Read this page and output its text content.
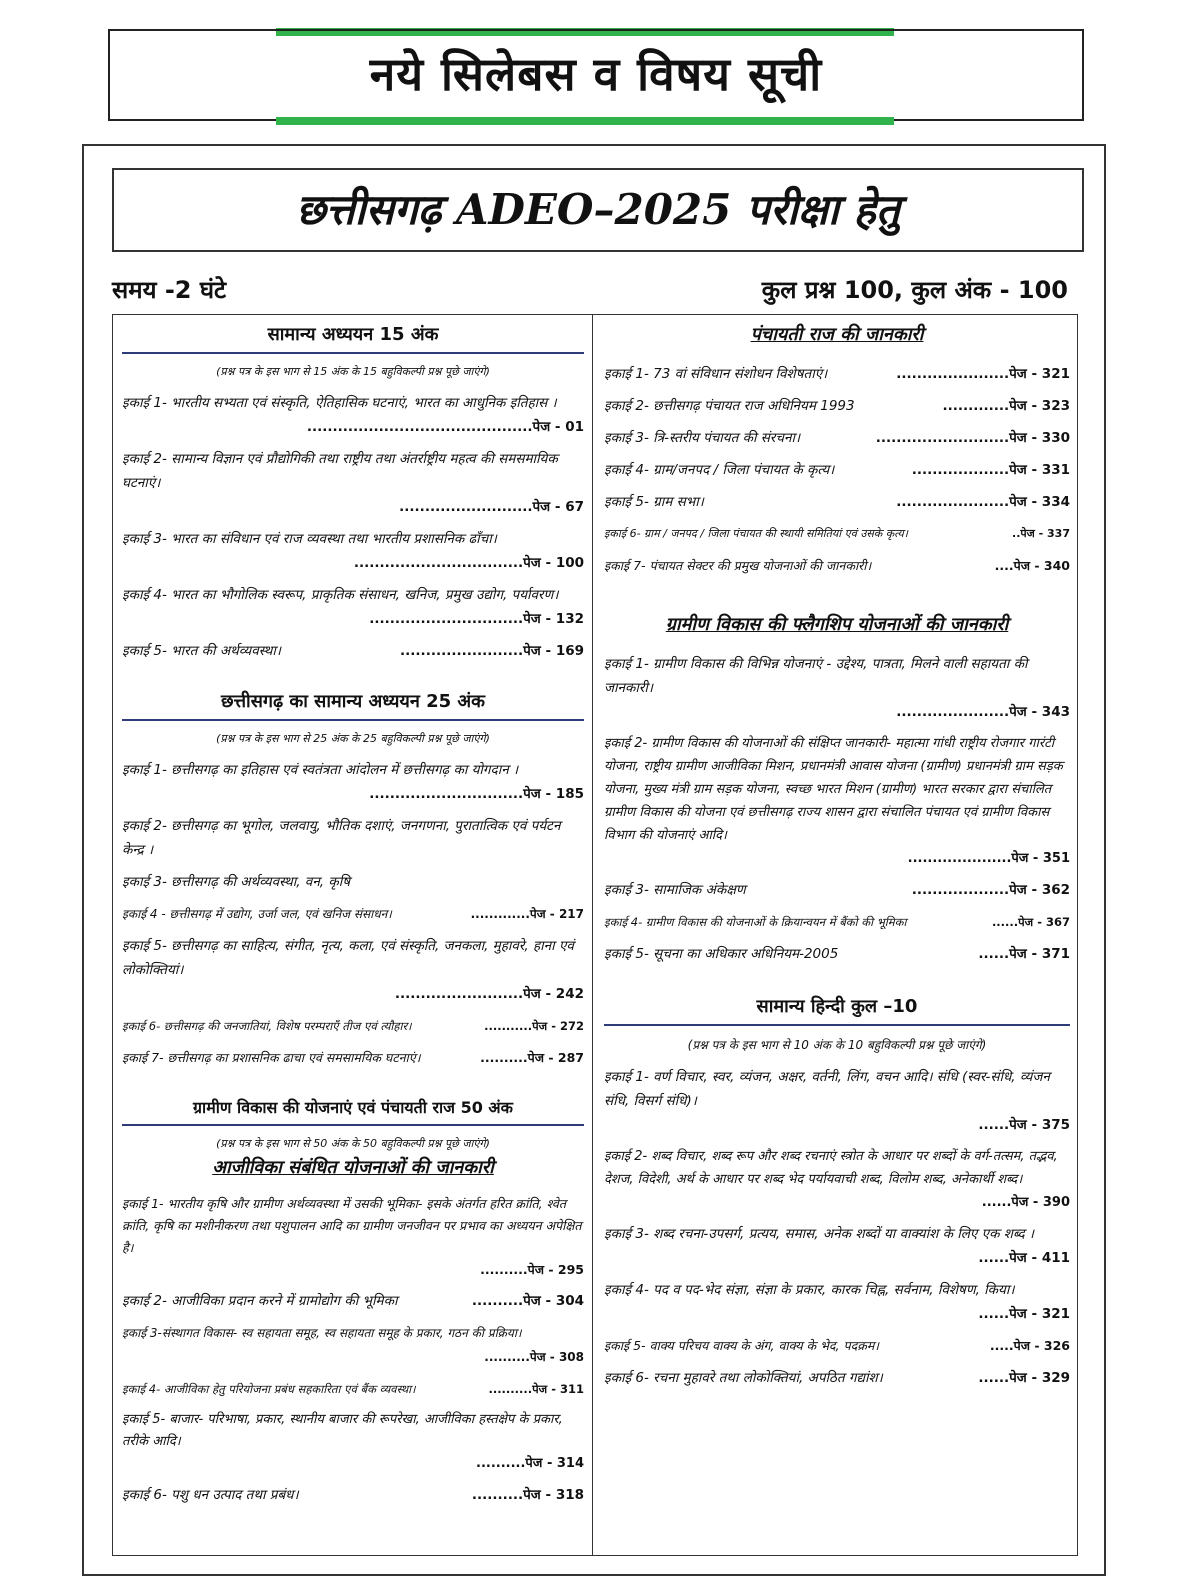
नये सिलेबस व विषय सूची
छत्तीसगढ़ ADEO–2025 परीक्षा हेतु
समय -2 घंटे	कुल प्रश्न 100, कुल अंक - 100
सामान्य अध्ययन 15 अंक
(प्रश्न पत्र के इस भाग से 15 अंक के 15 बहुविकल्पी प्रश्न पूछे जाएंगे)
इकाई 1- भारतीय सभ्यता एवं संस्कृति, ऐतिहासिक घटनाएं, भारत का आधुनिक इतिहास ।
............................................पेज - 01
इकाई 2- सामान्य विज्ञान एवं प्रौद्योगिकी तथा राष्ट्रीय तथा अंतर्राष्ट्रीय महत्व की समसमायिक घटनाएं।
..........................पेज - 67
इकाई 3- भारत का संविधान एवं राज व्यवस्था तथा भारतीय प्रशासनिक ढाँचा।
.................................पेज - 100
इकाई 4- भारत का भौगोलिक स्वरूप, प्राकृतिक संसाधन, खनिज, प्रमुख उद्योग, पर्यावरण।
..............................पेज - 132
इकाई 5- भारत की अर्थव्यवस्था।	........................पेज - 169
छत्तीसगढ़ का सामान्य अध्ययन 25 अंक
(प्रश्न पत्र के इस भाग से 25 अंक के 25 बहुविकल्पी प्रश्न पूछे जाएंगे)
इकाई 1- छत्तीसगढ़ का इतिहास एवं स्वतंत्रता आंदोलन में छत्तीसगढ़ का योगदान ।
..............................पेज - 185
इकाई 2- छत्तीसगढ़ का भूगोल, जलवायु, भौतिक दशाएं, जनगणना, पुरातात्विक एवं पर्यटन केन्द्र ।
इकाई 3- छत्तीसगढ़ की अर्थव्यवस्था, वन, कृषि
इकाई 4 - छत्तीसगढ़ में उद्योग, उर्जा जल, एवं खनिज संसाधन।	.............पेज - 217
इकाई 5- छत्तीसगढ़ का साहित्य, संगीत, नृत्य, कला, एवं संस्कृति, जनकला, मुहावरे, हाना एवं लोकोक्तियां।
.........................पेज - 242
इकाई 6- छत्तीसगढ़ की जनजातियां, विशेष परम्पराएँ तीज एवं त्यौहार।	...........पेज - 272
इकाई 7- छत्तीसगढ़ का प्रशासनिक ढाचा एवं समसामयिक घटनाएं।	..........पेज - 287
ग्रामीण विकास की योजनाएं एवं पंचायती राज 50 अंक
(प्रश्न पत्र के इस भाग से 50 अंक के 50 बहुविकल्पी प्रश्न पूछे जाएंगे)
आजीविका संबंधित योजनाओं की जानकारी
इकाई 1- भारतीय कृषि और ग्रामीण अर्थव्यवस्था में उसकी भूमिका- इसके अंतर्गत हरित क्रांति, श्वेत क्रांति, कृषि का मशीनीकरण तथा पशुपालन आदि का ग्रामीण जनजीवन पर प्रभाव का अध्ययन अपेक्षित है।
..........पेज - 295
इकाई 2- आजीविका प्रदान करने में ग्रामोद्योग की भूमिका	..........पेज - 304
इकाई 3-संस्थागत विकास- स्व सहायता समूह, स्व सहायता समूह के प्रकार, गठन की प्रक्रिया।
..........पेज - 308
इकाई 4- आजीविका हेतु परियोजना प्रबंध सहकारिता एवं बैंक व्यवस्था।	..........पेज - 311
इकाई 5- बाजार- परिभाषा, प्रकार, स्थानीय बाजार की रूपरेखा, आजीविका हस्तक्षेप के प्रकार, तरीके आदि।
..........पेज - 314
इकाई 6- पशु धन उत्पाद तथा प्रबंध।	..........पेज - 318
पंचायती राज की जानकारी
इकाई 1- 73 वां संविधान संशोधन विशेषताएं।	......................पेज - 321
इकाई 2- छत्तीसगढ़ पंचायत राज अधिनियम 1993	.............पेज - 323
इकाई 3- त्रि-स्तरीय पंचायत की संरचना।	..........................पेज - 330
इकाई 4- ग्राम/जनपद / जिला पंचायत के कृत्य।	...................पेज - 331
इकाई 5- ग्राम सभा।	......................पेज - 334
इकाई 6- ग्राम / जनपद / जिला पंचायत की स्थायी समितियां एवं उसके कृत्य।	..पेज - 337
इकाई 7- पंचायत सेक्टर की प्रमुख योजनाओं की जानकारी।	....पेज - 340
ग्रामीण विकास की फ्लैगशिप योजनाओं की जानकारी
इकाई 1- ग्रामीण विकास की विभिन्न योजनाएं - उद्देश्य, पात्रता, मिलने वाली सहायता की जानकारी।
......................पेज - 343
इकाई 2- ग्रामीण विकास की योजनाओं की संक्षिप्त जानकारी- महात्मा गांधी राष्ट्रीय रोजगार गारंटी योजना, राष्ट्रीय ग्रामीण आजीविका मिशन, प्रधानमंत्री आवास योजना (ग्रामीण) प्रधानमंत्री ग्राम सड़क योजना, मुख्य मंत्री ग्राम सड़क योजना, स्वच्छ भारत मिशन (ग्रामीण) भारत सरकार द्वारा संचालित ग्रामीण विकास की योजना एवं छत्तीसगढ़ राज्य शासन द्वारा संचालित पंचायत एवं ग्रामीण विकास विभाग की योजनाएं आदि।
.....................पेज - 351
इकाई 3- सामाजिक अंकेक्षण	...................पेज - 362
इकाई 4- ग्रामीण विकास की योजनाओं के क्रियान्वयन में बैंको की भूमिका	......पेज - 367
इकाई 5- सूचना का अधिकार अधिनियम-2005	......पेज - 371
सामान्य हिन्दी कुल –10
(प्रश्न पत्र के इस भाग से 10 अंक के 10 बहुविकल्पी प्रश्न पूछे जाएंगे)
इकाई 1- वर्ण विचार, स्वर, व्यंजन, अक्षर, वर्तनी, लिंग, वचन आदि। संधि (स्वर-संधि, व्यंजन संधि, विसर्ग संधि)।
......पेज - 375
इकाई 2- शब्द विचार, शब्द रूप और शब्द रचनाएं स्त्रोत के आधार पर शब्दों के वर्ग-तत्सम, तद्भव, देशज, विदेशी, अर्थ के आधार पर शब्द भेद पर्यायवाची शब्द, विलोम शब्द, अनेकार्थी शब्द।
......पेज - 390
इकाई 3- शब्द रचना-उपसर्ग, प्रत्यय, समास, अनेक शब्दों या वाक्यांश के लिए एक शब्द ।
......पेज - 411
इकाई 4- पद व पद-भेद संज्ञा, संज्ञा के प्रकार, कारक चिह्न, सर्वनाम, विशेषण, किया।
......पेज - 321
इकाई 5- वाक्य परिचय वाक्य के अंग, वाक्य के भेद, पदक्रम।	.....पेज - 326
इकाई 6- रचना मुहावरे तथा लोकोक्तियां, अपठित गद्यांश।	......पेज - 329
